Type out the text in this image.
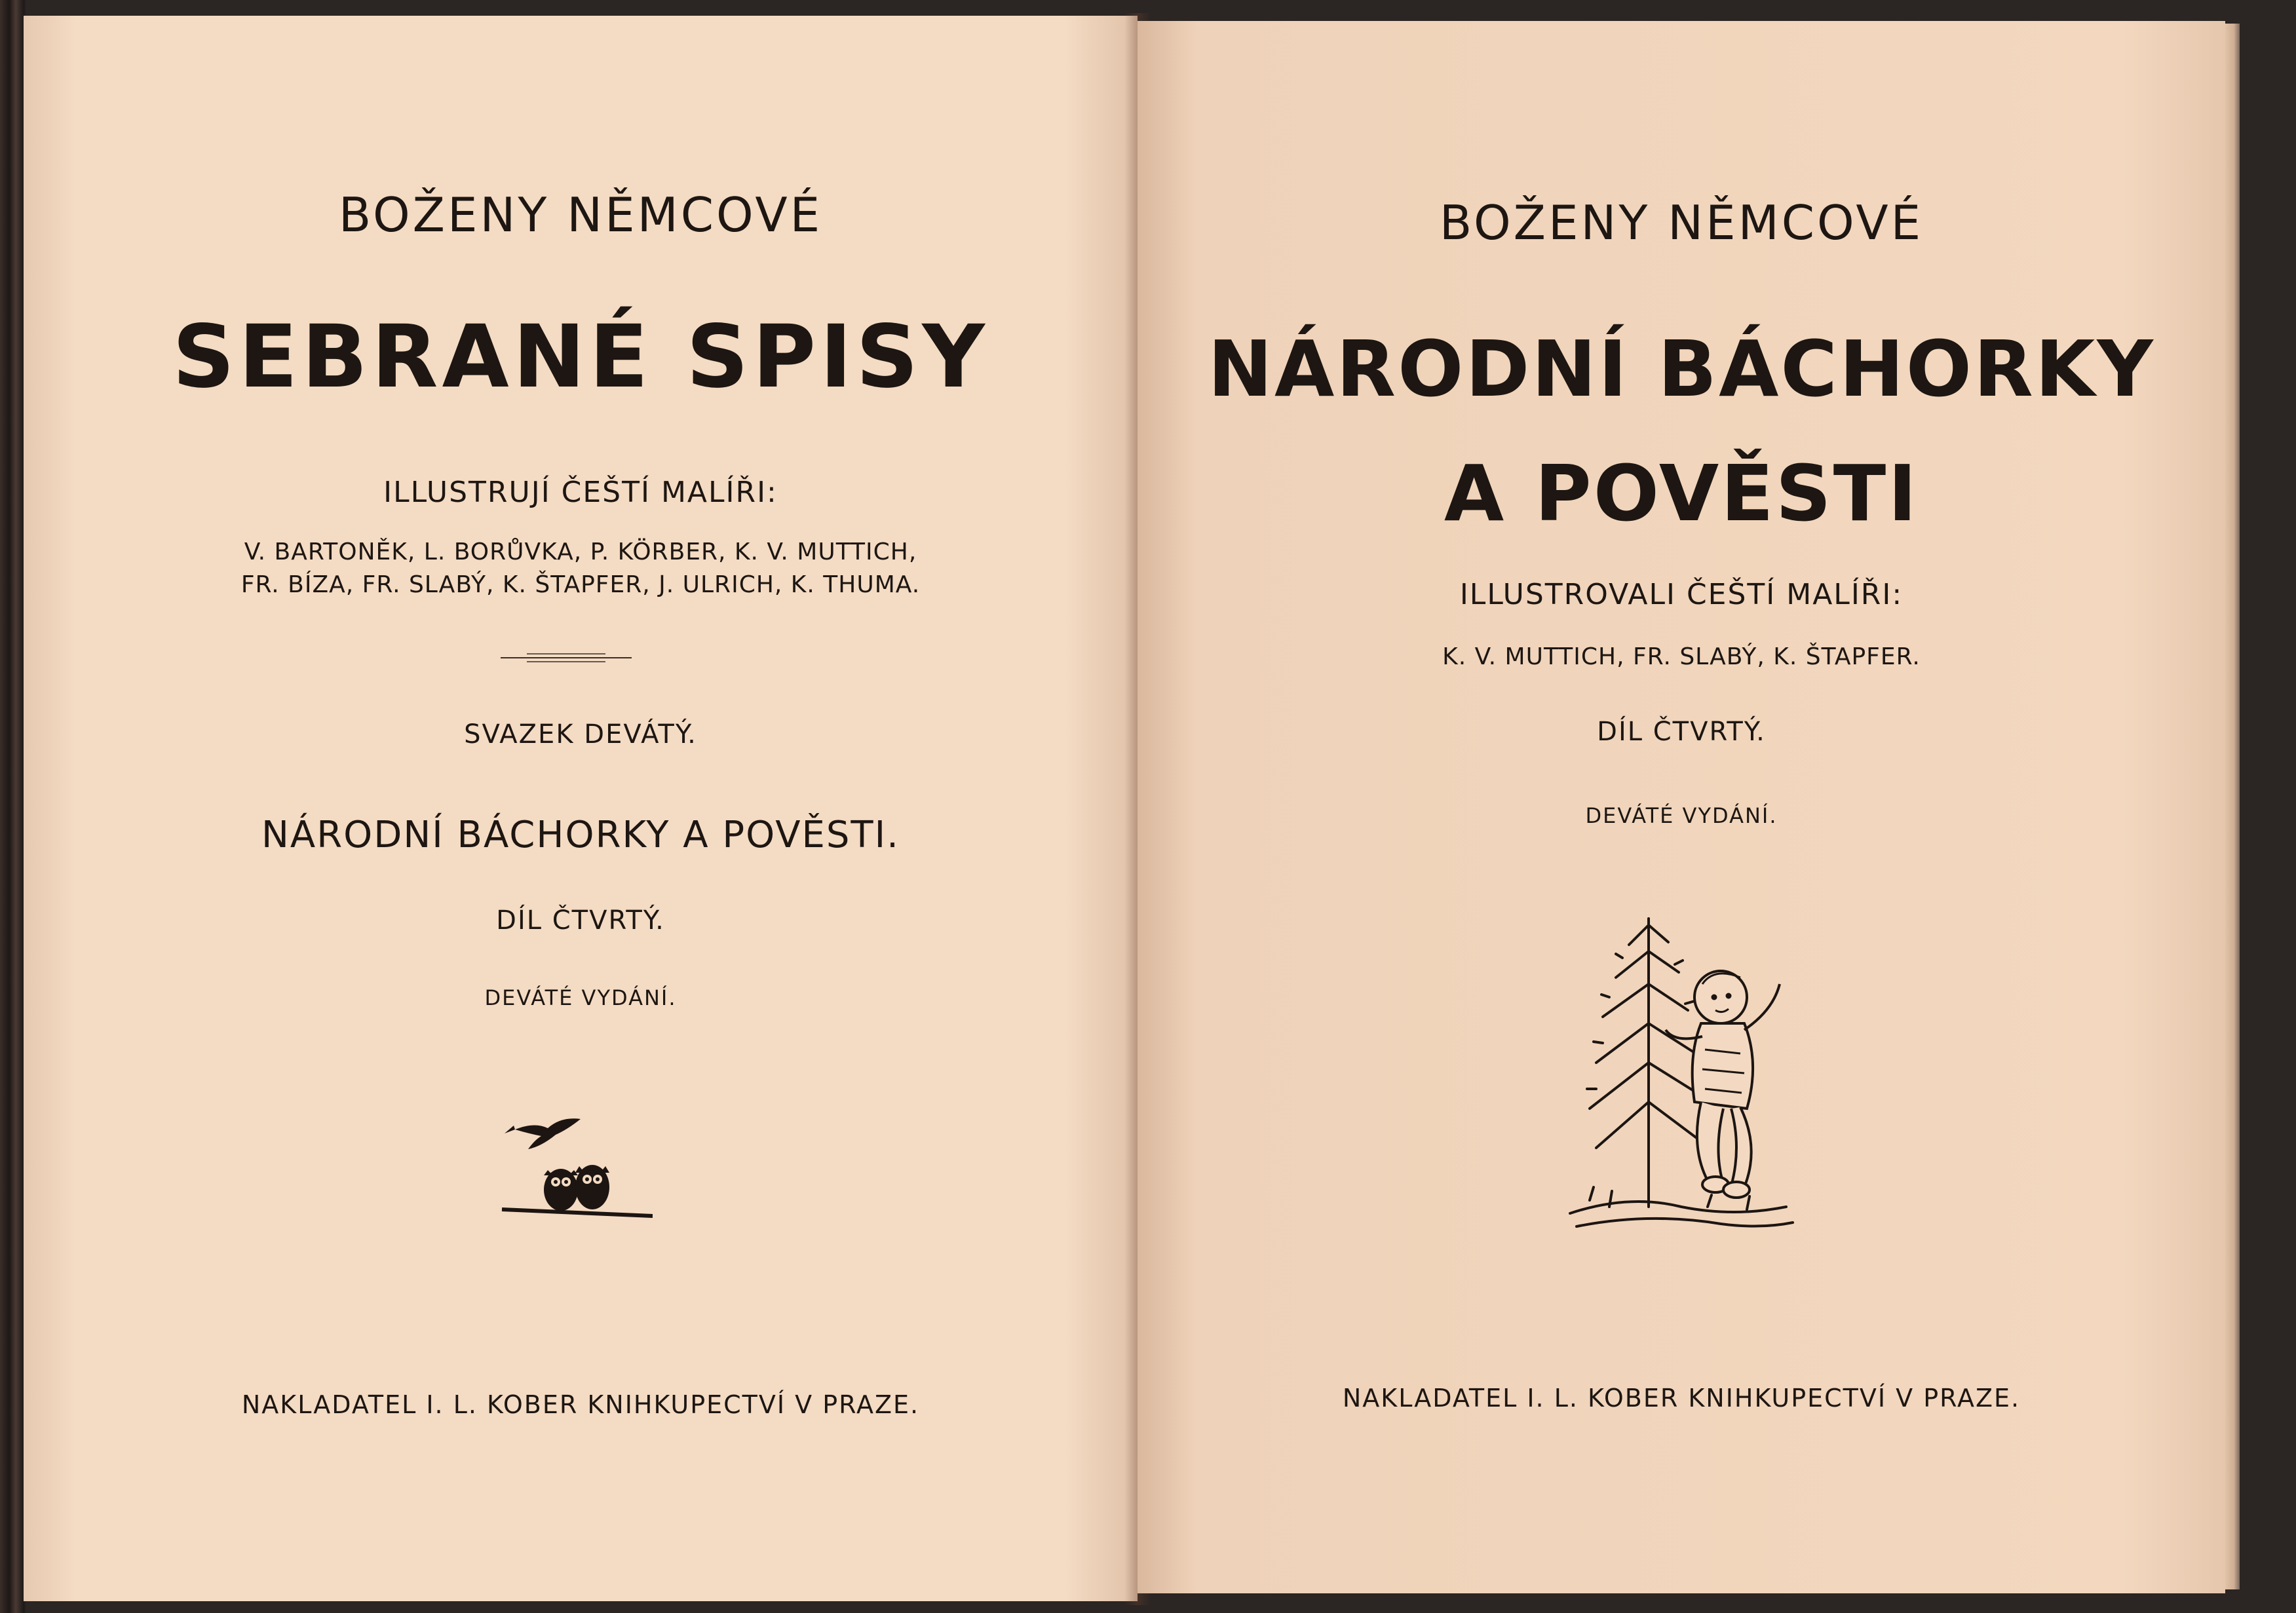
BOŽENY NĚMCOVÉ
SEBRANÉ SPISY
ILLUSTRUJÍ ČEŠTÍ MALÍŘI:
V. BARTONĚK, L. BORŮVKA, P. KÖRBER, K. V. MUTTICH,
FR. BÍZA, FR. SLABÝ, K. ŠTAPFER, J. ULRICH, K. THUMA.
SVAZEK DEVÁTÝ.
NÁRODNÍ BÁCHORKY A POVĚSTI.
DÍL ČTVRTÝ.
DEVÁTÉ VYDÁNÍ.
NAKLADATEL I. L. KOBER KNIHKUPECTVÍ V PRAZE.
BOŽENY NĚMCOVÉ
NÁRODNÍ BÁCHORKY
A POVĚSTI
ILLUSTROVALI ČEŠTÍ MALÍŘI:
K. V. MUTTICH, FR. SLABÝ, K. ŠTAPFER.
DÍL ČTVRTÝ.
DEVÁTÉ VYDÁNÍ.
NAKLADATEL I. L. KOBER KNIHKUPECTVÍ V PRAZE.
